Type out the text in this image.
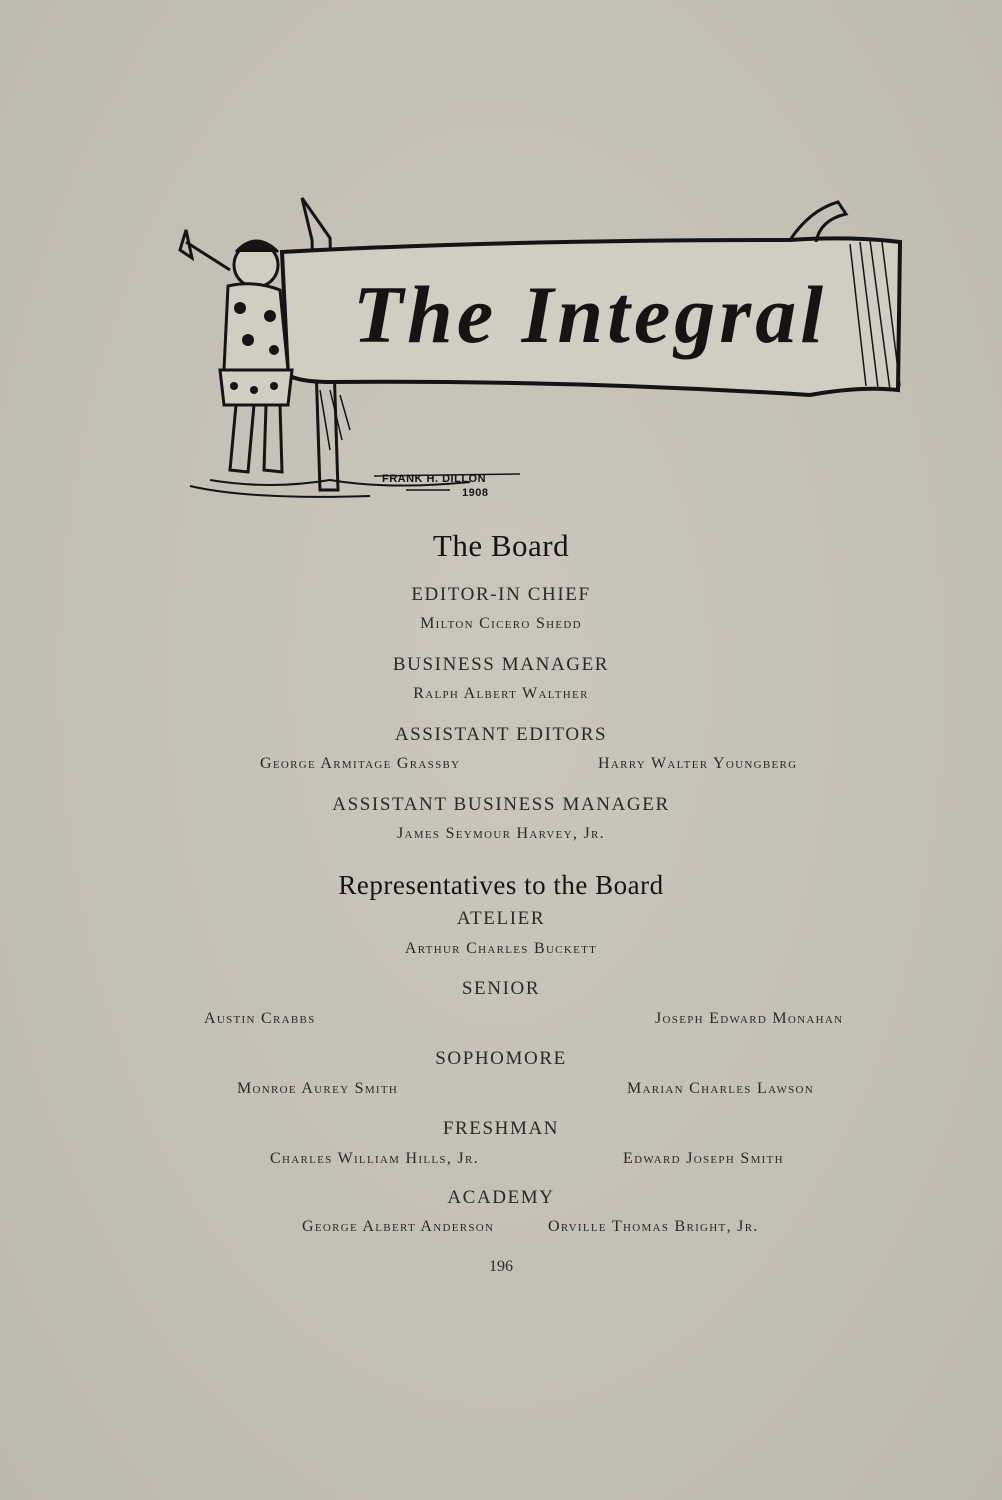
The Integral
FRANK H. DILLON
1908
The Board
EDITOR-IN CHIEF
Milton Cicero Shedd
BUSINESS MANAGER
Ralph Albert Walther
ASSISTANT EDITORS
George Armitage Grassby	Harry Walter Youngberg
ASSISTANT BUSINESS MANAGER
James Seymour Harvey, Jr.
Representatives to the Board
ATELIER
Arthur Charles Buckett
SENIOR
Austin Crabbs	Joseph Edward Monahan
SOPHOMORE
Monroe Aurey Smith	Marian Charles Lawson
FRESHMAN
Charles William Hills, Jr.	Edward Joseph Smith
ACADEMY
George Albert Anderson	Orville Thomas Bright, Jr.
196
